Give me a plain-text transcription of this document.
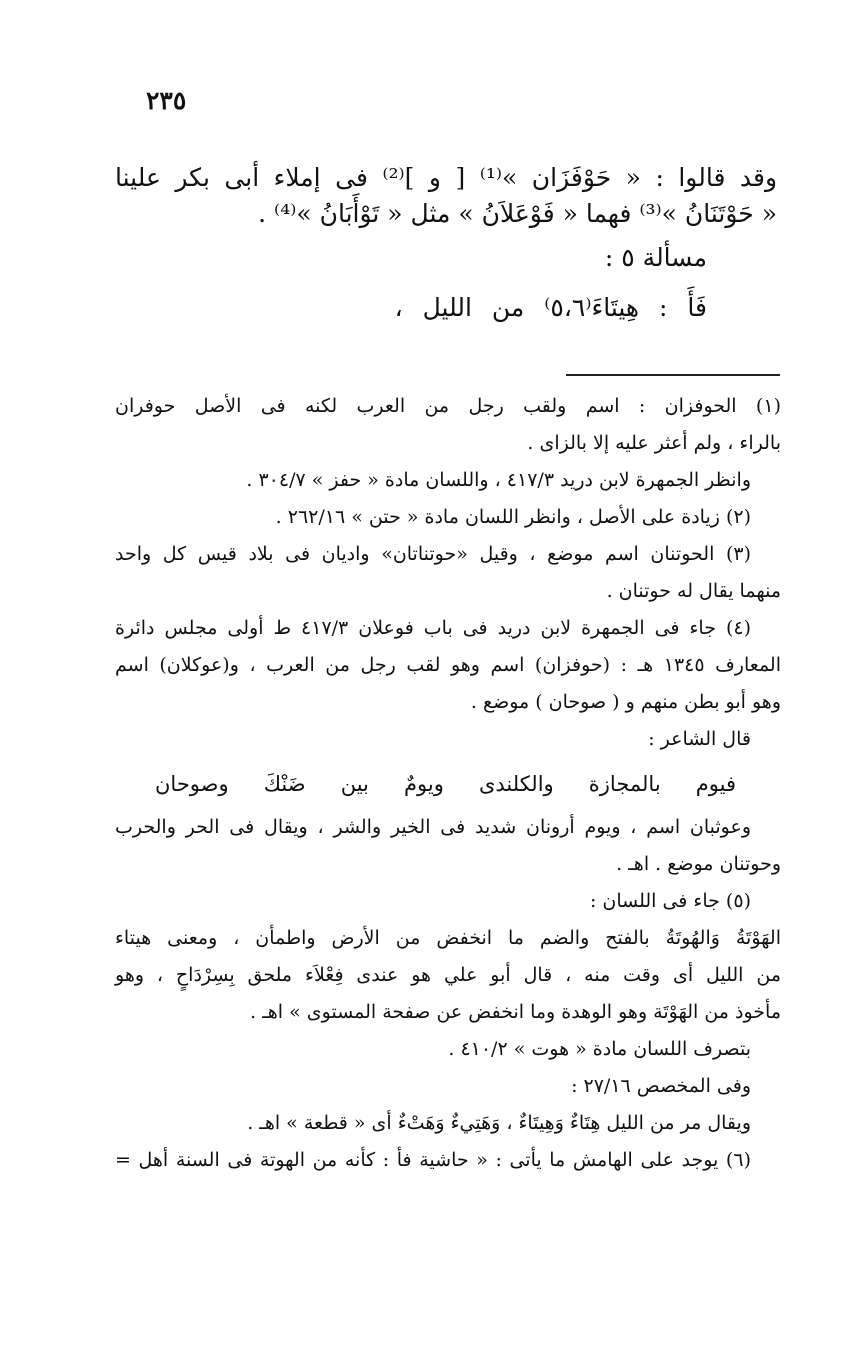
٢٣٥

وقد قالوا : « حَوْفَزَان »⁽¹⁾ [ و ]⁽²⁾ فى إملاء أبى بكر علينا

« حَوْتَنَانُ »⁽³⁾ فهما « فَوْعَلاَنُ » مثل « تَوْأَبَانُ »⁽⁴⁾ .

مسألة ٥ :

فَأَ : هِيتَاءَ⁽٥،٦⁾ من الليل ،

(١) الحوفزان : اسم ولقب رجل من العرب لكنه فى الأصل حوفران

بالراء ، ولم أعثر عليه إلا بالزاى .

وانظر الجمهرة لابن دريد ٤١٧/٣ ، واللسان مادة « حفز » ٣٠٤/٧ .

(٢) زيادة على الأصل ، وانظر اللسان مادة « حتن » ٢٦٢/١٦ .

(٣) الحوتنان اسم موضع ، وقيل «حوتناتان» واديان فى بلاد قيس كل واحد

منهما يقال له حوتنان .

(٤) جاء فى الجمهرة لابن دريد فى باب فوعلان ٤١٧/٣ ط أولى مجلس دائرة

المعارف ١٣٤٥ هـ : (حوفزان) اسم وهو لقب رجل من العرب ، و(عوكلان) اسم

وهو أبو بطن منهم و ( صوحان ) موضع .

قال الشاعر :

فيوم بالمجازة والكلندى ويومٌ بين ضَنْكَ وصوحان

وعوثبان اسم ، ويوم أرونان شديد فى الخير والشر ، ويقال فى الحر والحرب

وحوتنان موضع . اهـ .

(٥) جاء فى اللسان :

الهَوْتَةُ وَالهُوتَةُ بالفتح والضم ما انخفض من الأرض واطمأن ، ومعنى هيتاء

من الليل أى وقت منه ، قال أبو علي هو عندى فِعْلاَء ملحق بِسِرْدَاحٍ ، وهو

مأخوذ من الهَوْتَة وهو الوهدة وما انخفض عن صفحة المستوى » اهـ .

بتصرف اللسان مادة « هوت » ٤١٠/٢ .

وفى المخصص ٢٧/١٦ :

ويقال مر من الليل هِتَاءٌ وَهِيتَاءٌ ، وَهَتِيءٌ وَهَتْءٌ أى « قطعة » اهـ .

(٦) يوجد على الهامش ما يأتى : « حاشية فأ : كأنه من الهوتة فى السنة أهل =
